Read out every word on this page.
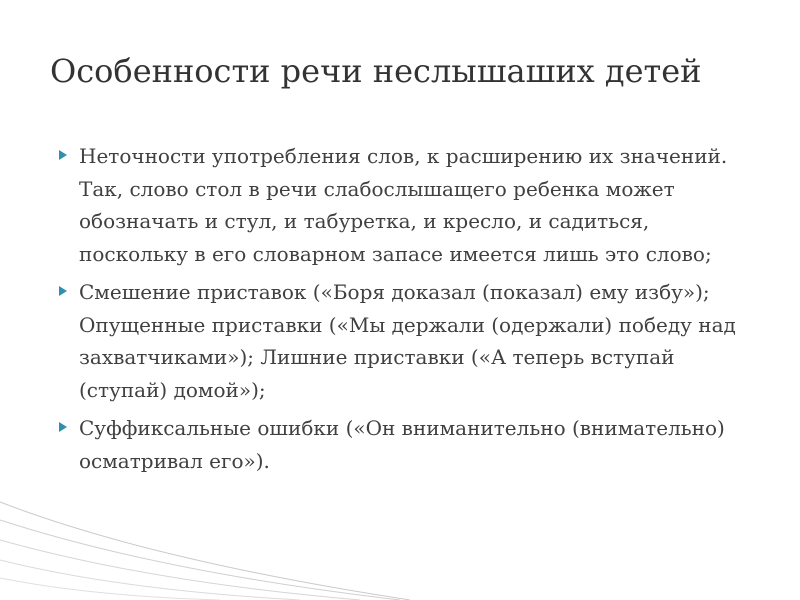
Особенности речи неслышаших детей
Неточности употребления слов, к расширению их значений. Так, слово стол в речи слабослышащего ребенка может обозначать и стул, и табуретка, и кресло, и садиться, поскольку в его словарном запасе имеется лишь это слово;
Смешение приставок («Боря доказал (показал) ему избу»); Опущенные приставки («Мы держали (одержали) победу над захватчиками»); Лишние приставки («А теперь вступай (ступай) домой»);
Суффиксальные ошибки («Он вниманительно (внимательно) осматривал его»).
